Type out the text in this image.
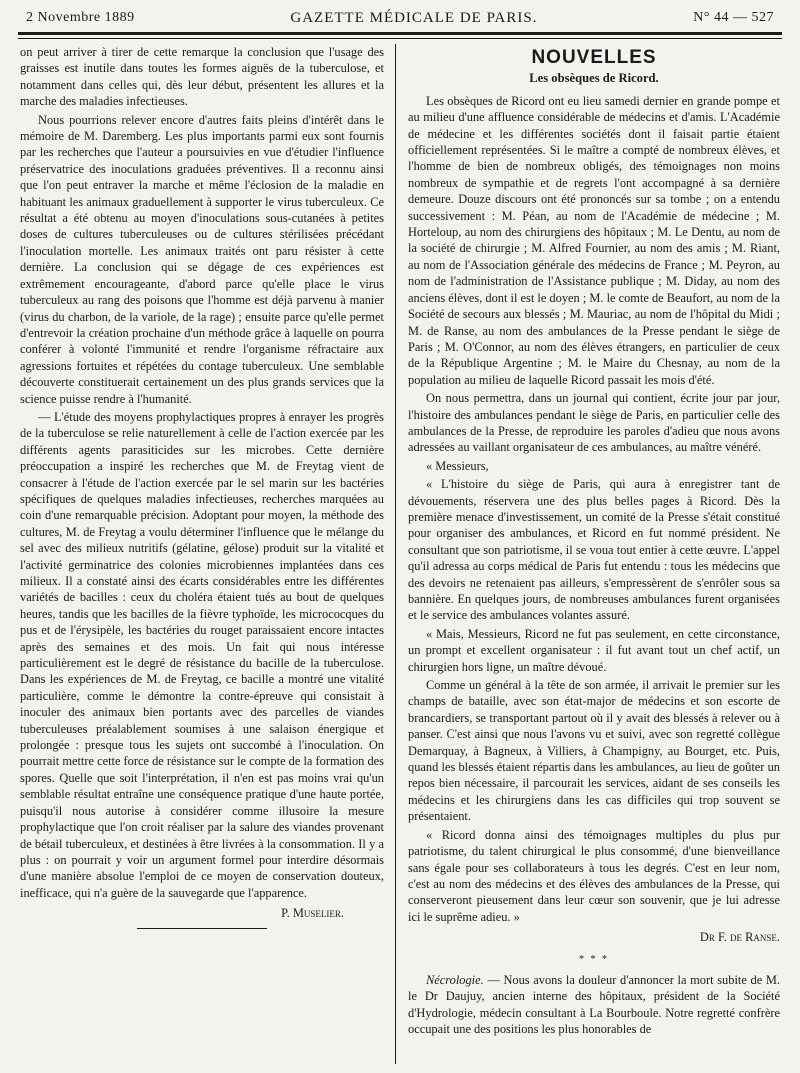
2 Novembre 1889	GAZETTE MÉDICALE DE PARIS.	N° 44 — 527

on peut arriver à tirer de cette remarque la conclusion que l'usage des graisses est inutile dans toutes les formes aiguës de la tuberculose, et notamment dans celles qui, dès leur début, présentent les allures et la marche des maladies infectieuses.

Nous pourrions relever encore d'autres faits pleins d'intérêt dans le mémoire de M. Daremberg. Les plus importants parmi eux sont fournis par les recherches que l'auteur a poursuivies en vue d'étudier l'influence préservatrice des inoculations graduées préventives. Il a reconnu ainsi que l'on peut entraver la marche et même l'éclosion de la maladie en habituant les animaux graduellement à supporter le virus tuberculeux. Ce résultat a été obtenu au moyen d'inoculations sous-cutanées à petites doses de cultures tuberculeuses ou de cultures stérilisées précédant l'inoculation mortelle. Les animaux traités ont paru résister à cette dernière. La conclusion qui se dégage de ces expériences est extrêmement encourageante, d'abord parce qu'elle place le virus tuberculeux au rang des poisons que l'homme est déjà parvenu à manier (virus du charbon, de la variole, de la rage) ; ensuite parce qu'elle permet d'entrevoir la création prochaine d'un méthode grâce à laquelle on pourra conférer à volonté l'immunité et rendre l'organisme réfractaire aux agressions fortuites et répétées du contage tuberculeux. Une semblable découverte constituerait certainement un des plus grands services que la science puisse rendre à l'humanité.

— L'étude des moyens prophylactiques propres à enrayer les progrès de la tuberculose se relie naturellement à celle de l'action exercée par les différents agents parasiticides sur les microbes. Cette dernière préoccupation a inspiré les recherches que M. de Freytag vient de consacrer à l'étude de l'action exercée par le sel marin sur les bactéries spécifiques de quelques maladies infectieuses, recherches marquées au coin d'une remarquable précision. Adoptant pour moyen, la méthode des cultures, M. de Freytag a voulu déterminer l'influence que le mélange du sel avec des milieux nutritifs (gélatine, gélose) produit sur la vitalité et l'activité germinatrice des colonies microbiennes implantées dans ces milieux. Il a constaté ainsi des écarts considérables entre les différentes variétés de bacilles : ceux du choléra étaient tués au bout de quelques heures, tandis que les bacilles de la fièvre typhoïde, les micrococques du pus et de l'érysipèle, les bactéries du rouget paraissaient encore intactes après des semaines et des mois. Un fait qui nous intéresse particulièrement est le degré de résistance du bacille de la tuberculose. Dans les expériences de M. de Freytag, ce bacille a montré une vitalité particulière, comme le démontre la contre-épreuve qui consistait à inoculer des animaux bien portants avec des parcelles de viandes tuberculeuses préalablement soumises à une salaison énergique et prolongée : presque tous les sujets ont succombé à l'inoculation. On pourrait mettre cette force de résistance sur le compte de la formation des spores. Quelle que soit l'interprétation, il n'en est pas moins vrai qu'un semblable résultat entraîne une conséquence pratique d'une haute portée, puisqu'il nous autorise à considérer comme illusoire la mesure prophylactique que l'on croit réaliser par la salure des viandes provenant de bétail tuberculeux, et destinées à être livrées à la consommation. Il y a plus : on pourrait y voir un argument formel pour interdire désormais d'une manière absolue l'emploi de ce moyen de conservation douteux, inefficace, qui n'a guère de la sauvegarde que l'apparence.

P. Muselier.

NOUVELLES
Les obsèques de Ricord.

Les obsèques de Ricord ont eu lieu samedi dernier en grande pompe et au milieu d'une affluence considérable de médecins et d'amis. L'Académie de médecine et les différentes sociétés dont il faisait partie étaient officiellement représentées. Si le maître a compté de nombreux élèves, et l'homme de bien de nombreux obligés, des témoignages non moins nombreux de sympathie et de regrets l'ont accompagné à sa dernière demeure. Douze discours ont été prononcés sur sa tombe ; on a entendu successivement : M. Péan, au nom de l'Académie de médecine ; M. Horteloup, au nom des chirurgiens des hôpitaux ; M. Le Dentu, au nom de la société de chirurgie ; M. Alfred Fournier, au nom des amis ; M. Riant, au nom de l'Association générale des médecins de France ; M. Peyron, au nom de l'administration de l'Assistance publique ; M. Diday, au nom des anciens élèves, dont il est le doyen ; M. le comte de Beaufort, au nom de la Société de secours aux blessés ; M. Mauriac, au nom de l'hôpital du Midi ; M. de Ranse, au nom des ambulances de la Presse pendant le siège de Paris ; M. O'Connor, au nom des élèves étrangers, en particulier de ceux de la République Argentine ; M. le Maire du Chesnay, au nom de la population au milieu de laquelle Ricord passait les mois d'été.

On nous permettra, dans un journal qui contient, écrite jour par jour, l'histoire des ambulances pendant le siège de Paris, en particulier celle des ambulances de la Presse, de reproduire les paroles d'adieu que nous avons adressées au vaillant organisateur de ces ambulances, au maître vénéré.

« Messieurs,

« L'histoire du siège de Paris, qui aura à enregistrer tant de dévouements, réservera une des plus belles pages à Ricord. Dès la première menace d'investissement, un comité de la Presse s'était constitué pour organiser des ambulances, et Ricord en fut nommé président. Ne consultant que son patriotisme, il se voua tout entier à cette œuvre. L'appel qu'il adressa au corps médical de Paris fut entendu : tous les médecins que des devoirs ne retenaient pas ailleurs, s'empressèrent de s'enrôler sous sa bannière. En quelques jours, de nombreuses ambulances furent organisées et le service des ambulances volantes assuré.

« Mais, Messieurs, Ricord ne fut pas seulement, en cette circonstance, un prompt et excellent organisateur : il fut avant tout un chef actif, un chirurgien hors ligne, un maître dévoué.

Comme un général à la tête de son armée, il arrivait le premier sur les champs de bataille, avec son état-major de médecins et son escorte de brancardiers, se transportant partout où il y avait des blessés à relever ou à panser. C'est ainsi que nous l'avons vu et suivi, avec son regretté collègue Demarquay, à Bagneux, à Villiers, à Champigny, au Bourget, etc. Puis, quand les blessés étaient répartis dans les ambulances, au lieu de goûter un repos bien nécessaire, il parcourait les services, aidant de ses conseils les médecins et les chirurgiens dans les cas difficiles qui trop souvent se présentaient.

« Ricord donna ainsi des témoignages multiples du plus pur patriotisme, du talent chirurgical le plus consommé, d'une bienveillance sans égale pour ses collaborateurs à tous les degrés. C'est en leur nom, c'est au nom des médecins et des élèves des ambulances de la Presse, qui conserveront pieusement dans leur cœur son souvenir, que je lui adresse ici le suprême adieu. »

Dr F. de Ranse.

* * *

Nécrologie. — Nous avons la douleur d'annoncer la mort subite de M. le Dr Daujuy, ancien interne des hôpitaux, président de la Société d'Hydrologie, médecin consultant à La Bourboule. Notre regretté confrère occupait une des positions les plus honorables de
